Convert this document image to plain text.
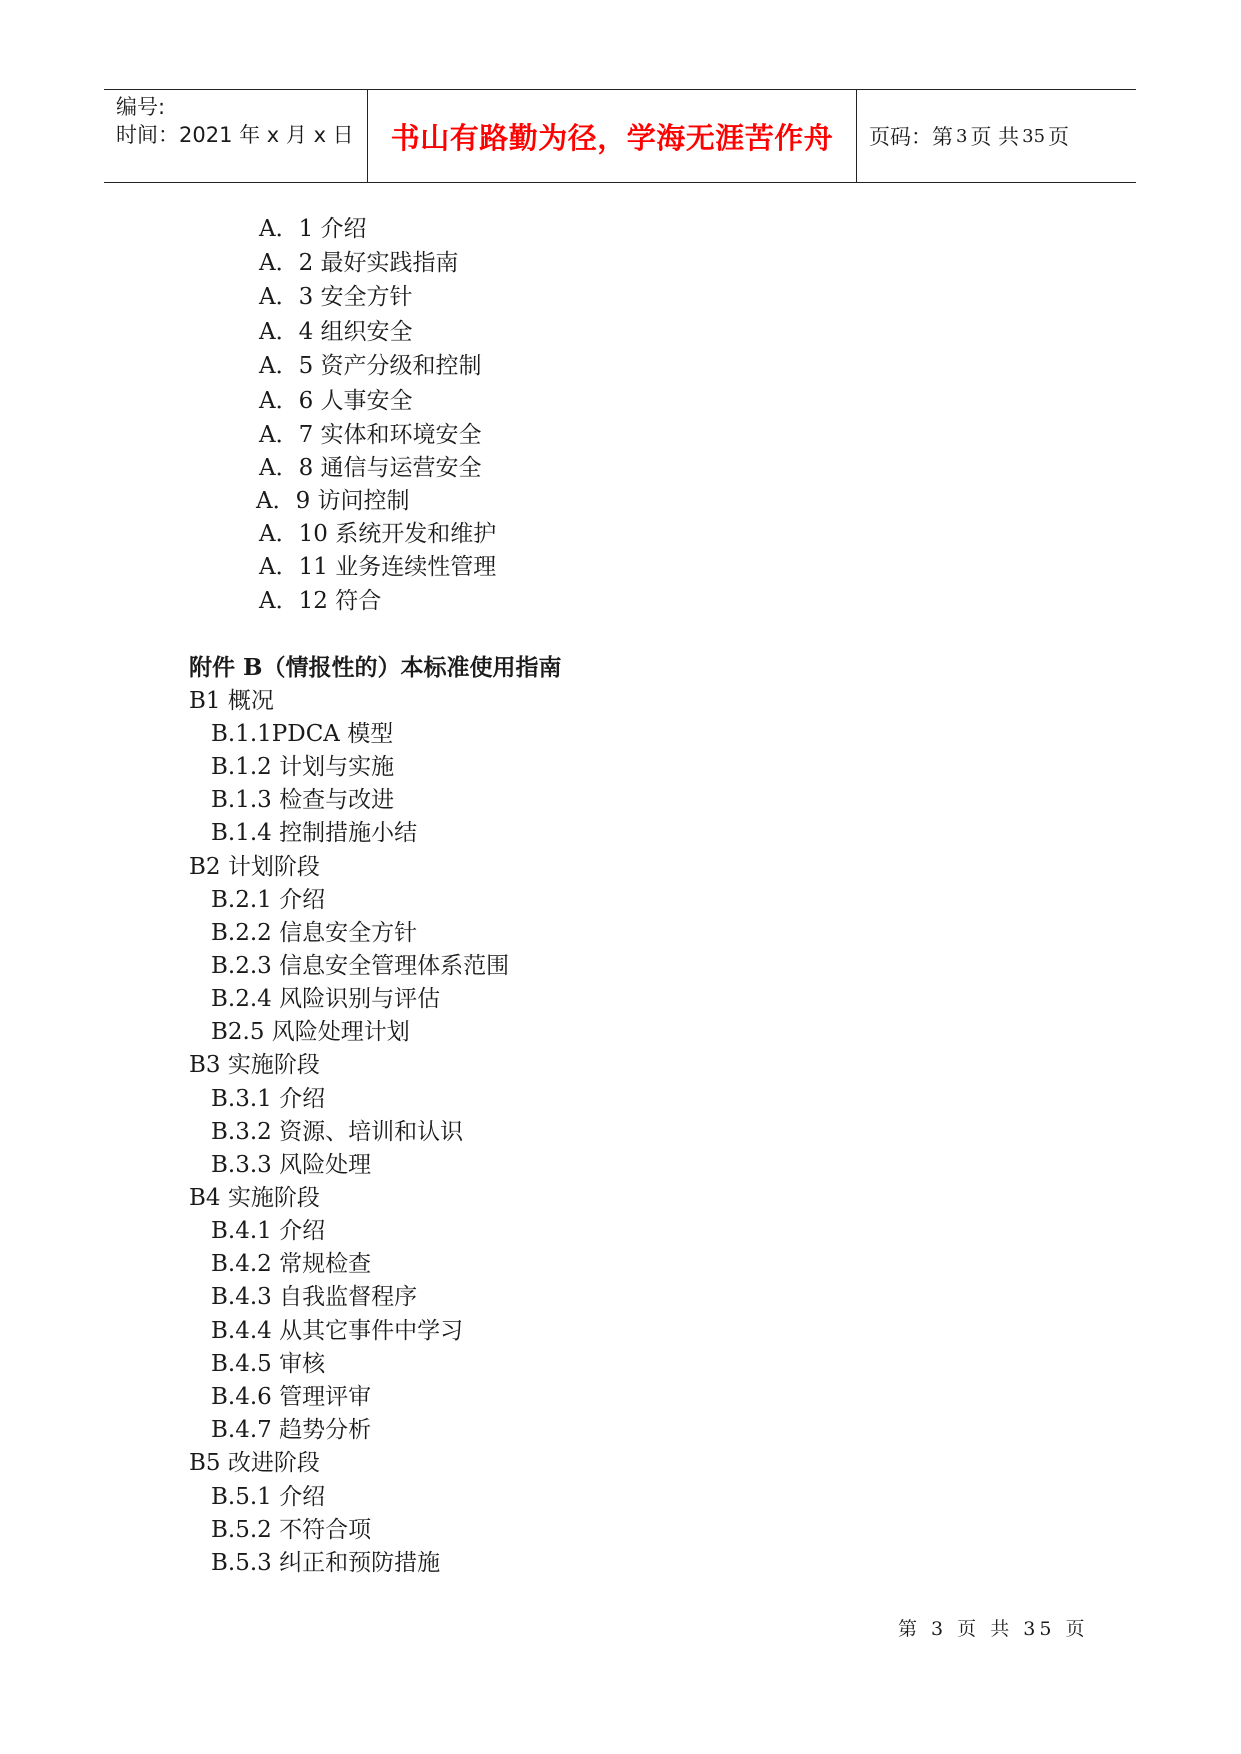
编号:
时间：2021 年 x 月 x 日	书山有路勤为径，学海无涯苦作舟	页码：第 3 页 共 35 页
A．1 介绍
A．2 最好实践指南
A．3 安全方针
A．4 组织安全
A．5 资产分级和控制
A．6 人事安全
A．7 实体和环境安全
A．8 通信与运营安全
A．9 访问控制
A．10 系统开发和维护
A．11 业务连续性管理
A．12 符合
附件 B（情报性的）本标准使用指南
B1 概况
B.1.1PDCA 模型
B.1.2 计划与实施
B.1.3 检查与改进
B.1.4 控制措施小结
B2 计划阶段
B.2.1 介绍
B.2.2 信息安全方针
B.2.3 信息安全管理体系范围
B.2.4 风险识别与评估
B2.5 风险处理计划
B3 实施阶段
B.3.1 介绍
B.3.2 资源、培训和认识
B.3.3 风险处理
B4 实施阶段
B.4.1 介绍
B.4.2 常规检查
B.4.3 自我监督程序
B.4.4 从其它事件中学习
B.4.5 审核
B.4.6 管理评审
B.4.7 趋势分析
B5 改进阶段
B.5.1 介绍
B.5.2 不符合项
B.5.3 纠正和预防措施
第 3 页 共 35 页
